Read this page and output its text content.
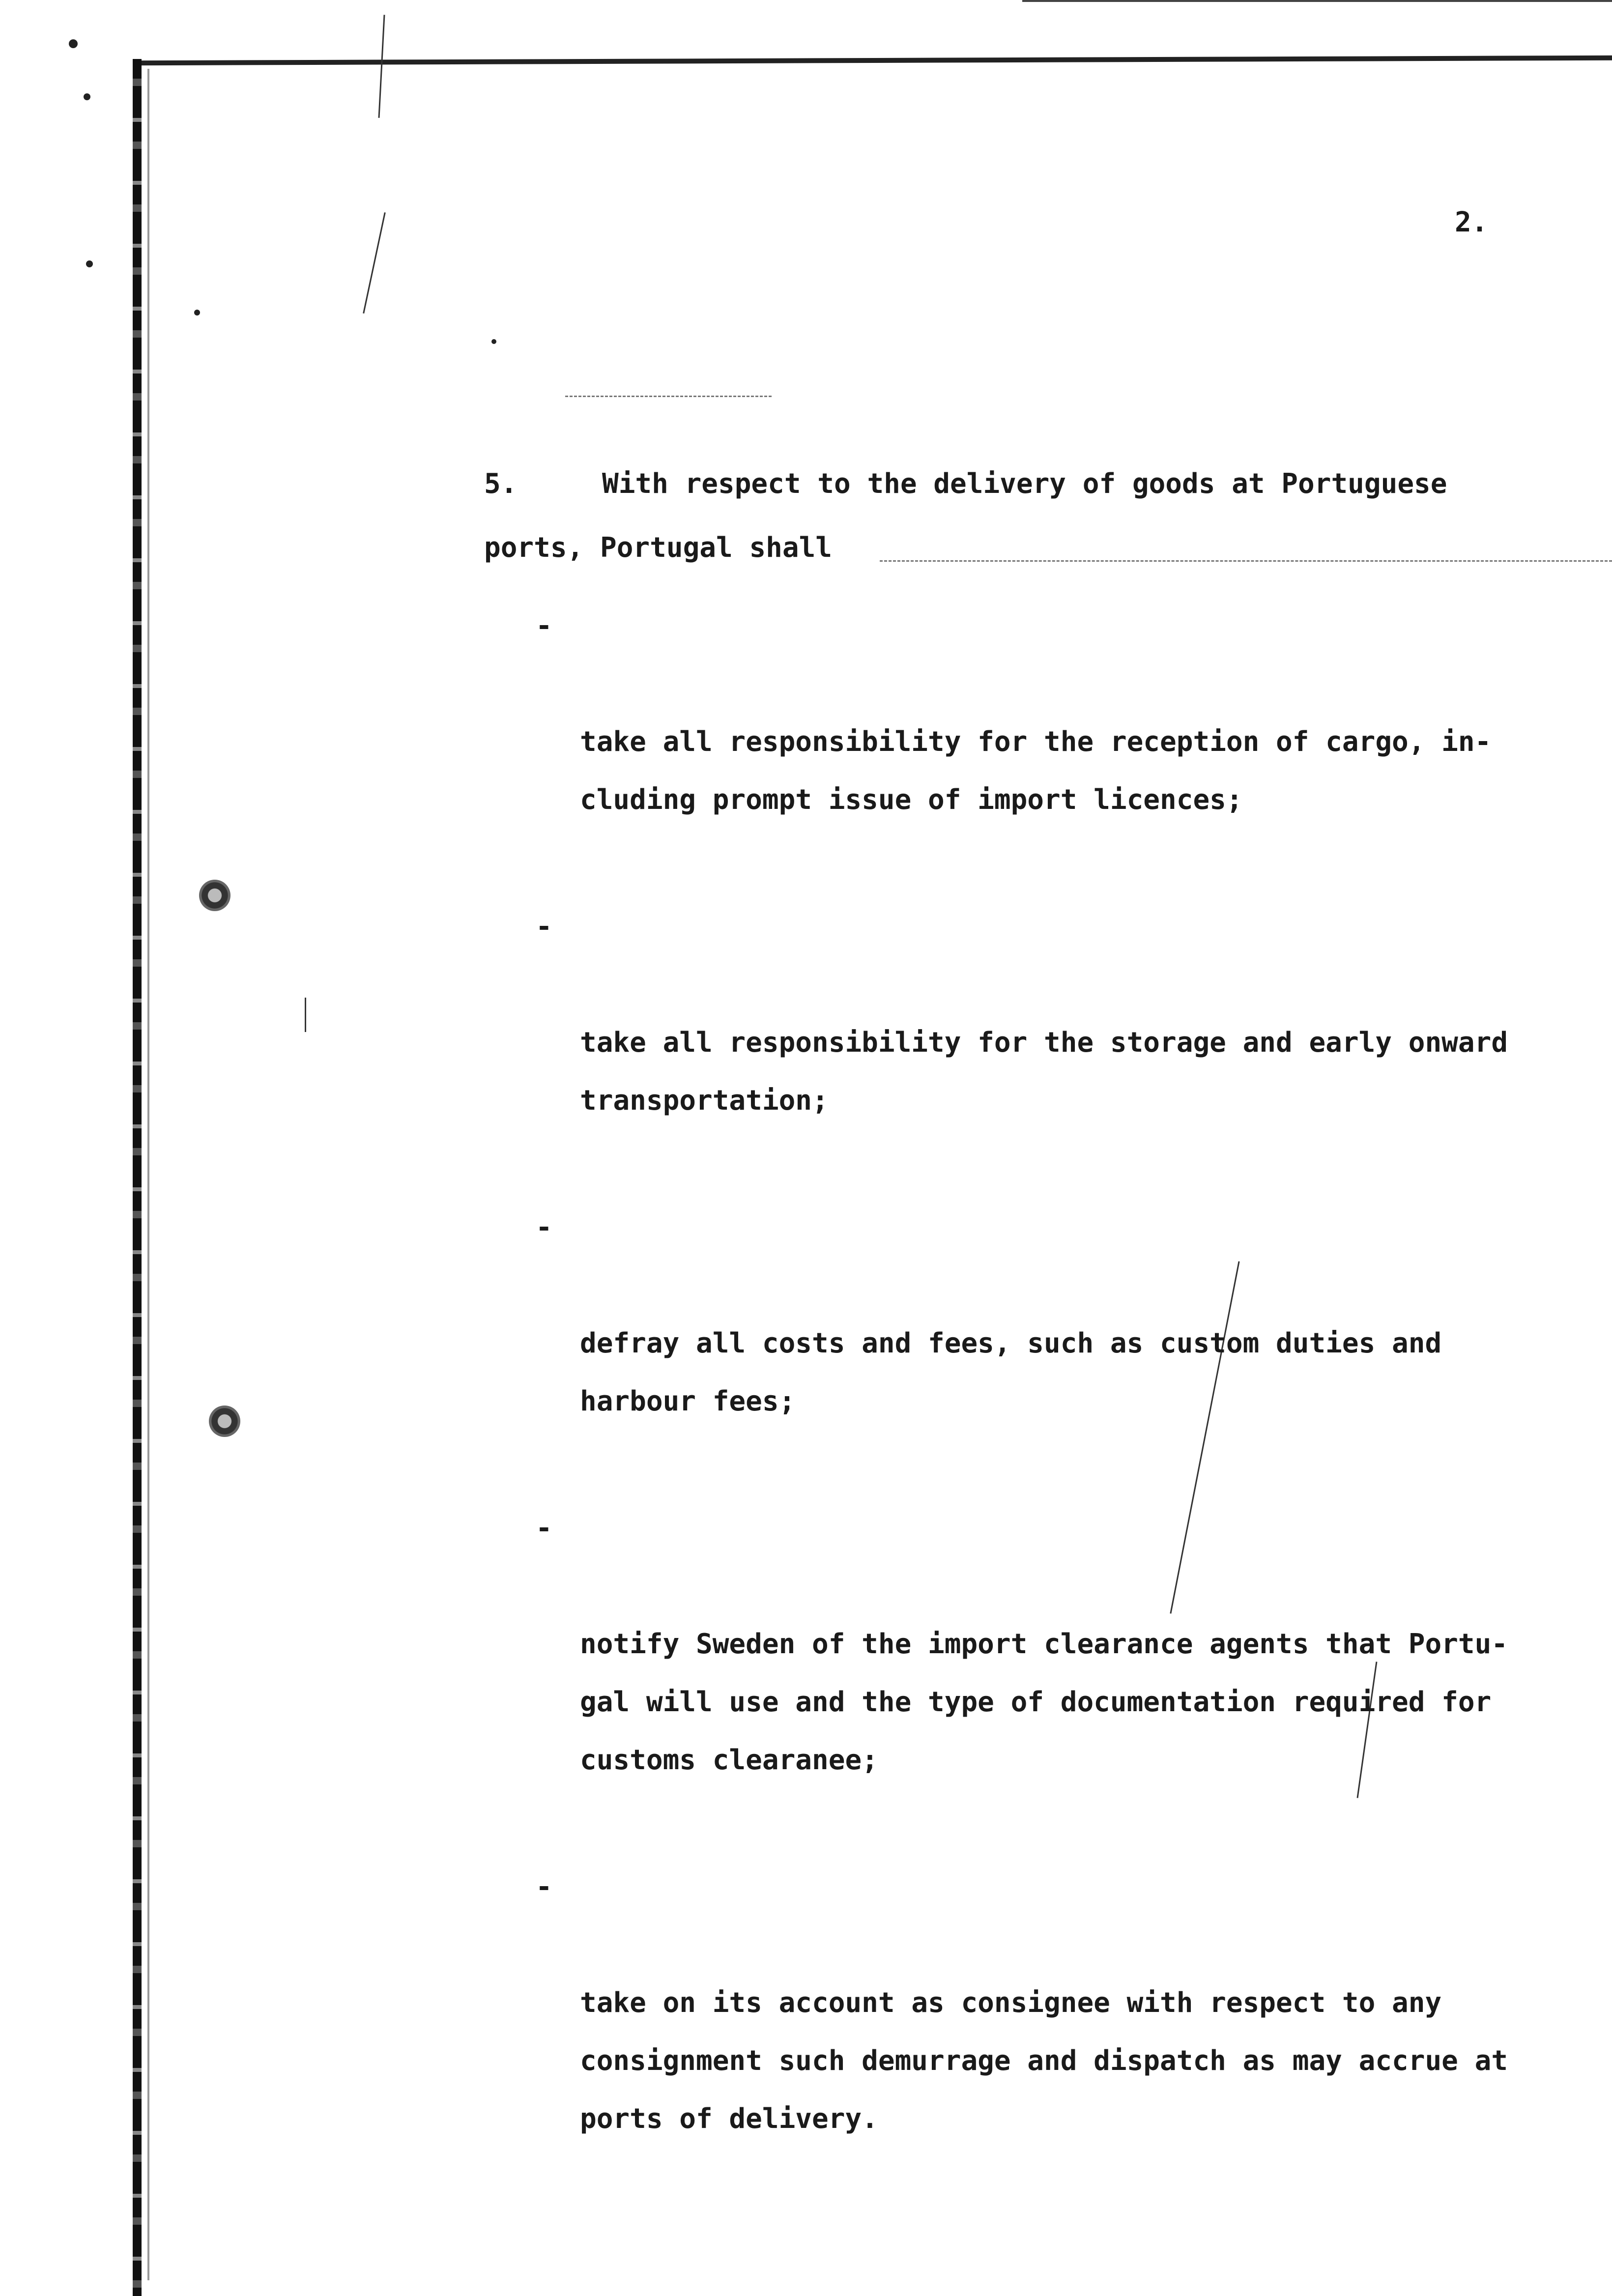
2.
5.	With respect to the delivery of goods at Portuguese
ports, Portugal shall

-

take all responsibility for the reception of cargo, in-
cluding prompt issue of import licences;

-

take all responsibility for the storage and early onward
transportation;

-

defray all costs and fees, such as custom duties and
harbour fees;

-

notify Sweden of the import clearance agents that Portu-
gal will use and the type of documentation required for
customs clearanee;

-

take on its account as consignee with respect to any
consignment such demurrage and dispatch as may accrue at
ports of delivery.
